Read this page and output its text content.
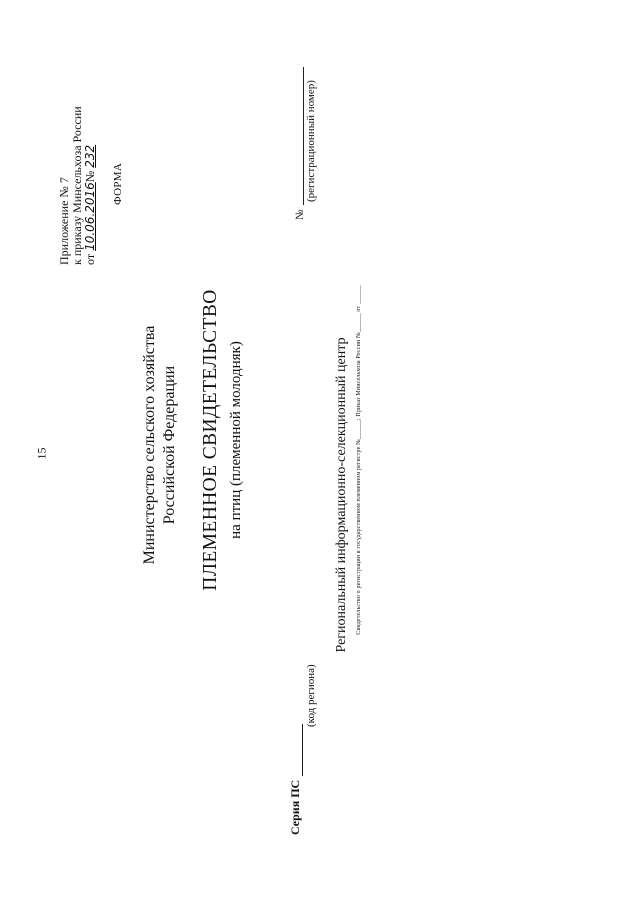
15
Приложение № 7 к приказу Минсельхоза России от 10.06.2016№ 232
ФОРМА
Министерство сельского хозяйства Российской Федерации ПЛЕМЕННОЕ СВИДЕТЕЛЬСТВО на птиц (племенной молодняк)	Региональный информационно-селекционный центр Свидетельство о регистрации в государственном племенном регистре №______; Приказ Минсельхоза России №______ от ______
Серия ПС
(код региона)
№
(регистрационный номер)
